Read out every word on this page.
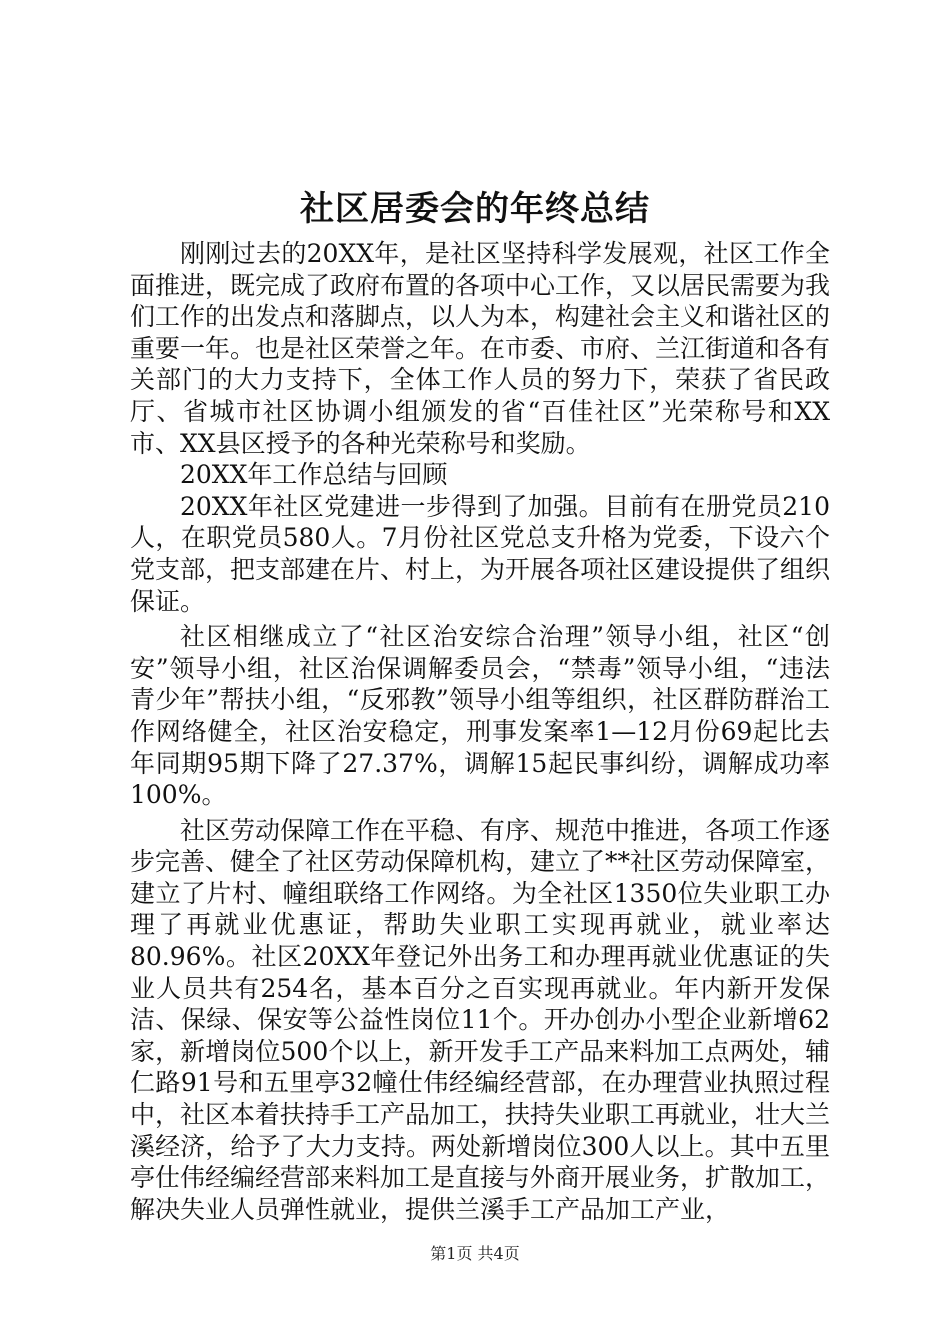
社区居委会的年终总结

刚刚过去的20XX年，是社区坚持科学发展观，社区工作全面推进，既完成了政府布置的各项中心工作，又以居民需要为我们工作的出发点和落脚点，以人为本，构建社会主义和谐社区的重要一年。也是社区荣誉之年。在市委、市府、兰江街道和各有关部门的大力支持下，全体工作人员的努力下，荣获了省民政厅、省城市社区协调小组颁发的省“百佳社区”光荣称号和XX市、XX县区授予的各种光荣称号和奖励。

20XX年工作总结与回顾

20XX年社区党建进一步得到了加强。目前有在册党员210人，在职党员580人。7月份社区党总支升格为党委，下设六个党支部，把支部建在片、村上，为开展各项社区建设提供了组织保证。

社区相继成立了“社区治安综合治理”领导小组，社区“创安”领导小组，社区治保调解委员会，“禁毒”领导小组，“违法青少年”帮扶小组，“反邪教”领导小组等组织，社区群防群治工作网络健全，社区治安稳定，刑事发案率1—12月份69起比去年同期95期下降了27.37%，调解15起民事纠纷，调解成功率100%。

社区劳动保障工作在平稳、有序、规范中推进，各项工作逐步完善、健全了社区劳动保障机构，建立了**社区劳动保障室，建立了片村、幢组联络工作网络。为全社区1350位失业职工办理了再就业优惠证，帮助失业职工实现再就业，就业率达80.96%。社区20XX年登记外出务工和办理再就业优惠证的失业人员共有254名，基本百分之百实现再就业。年内新开发保洁、保绿、保安等公益性岗位11个。开办创办小型企业新增62家，新增岗位500个以上，新开发手工产品来料加工点两处，辅仁路91号和五里亭32幢仕伟经编经营部，在办理营业执照过程中，社区本着扶持手工产品加工，扶持失业职工再就业，壮大兰溪经济，给予了大力支持。两处新增岗位300人以上。其中五里亭仕伟经编经营部来料加工是直接与外商开展业务，扩散加工，解决失业人员弹性就业，提供兰溪手工产品加工产业，

第1页 共4页
